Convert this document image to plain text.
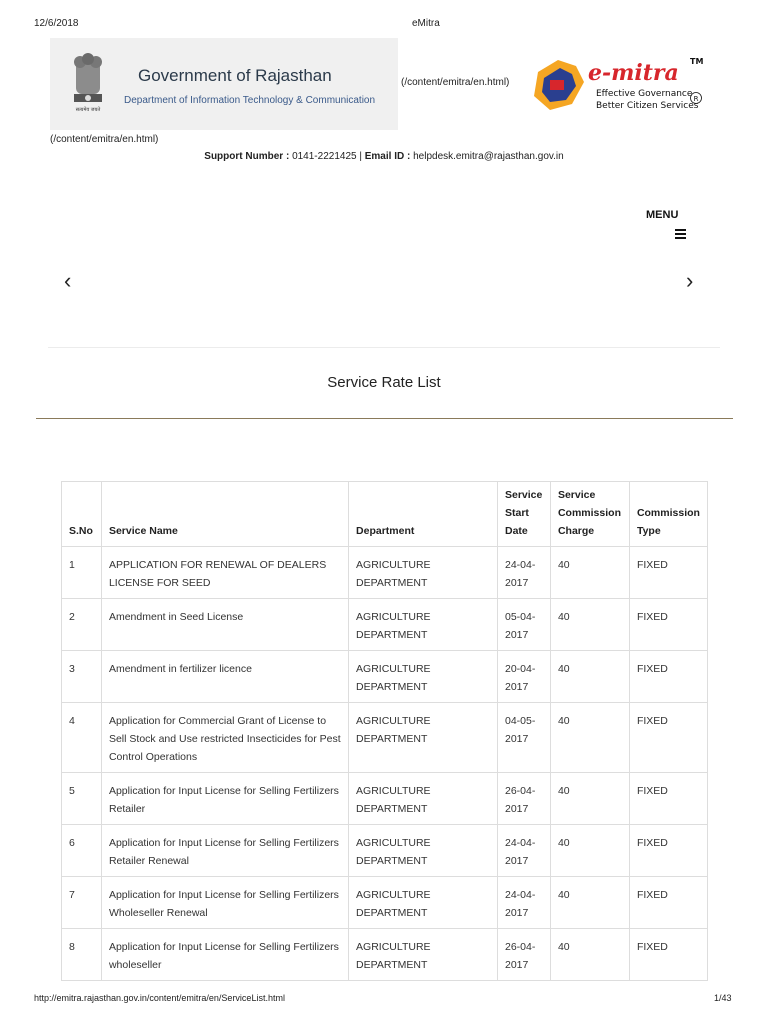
12/6/2018	eMitra
सत्यमेव जयते
Government of Rajasthan
Department of Information Technology & Communication
(/content/emitra/en.html)	e-mitra TM
Effective Governance
Better Citizen Services
R
(/content/emitra/en.html)
Support Number : 0141-2221425 | Email ID : helpdesk.emitra@rajasthan.gov.in
MENU
‹	›
Service Rate List
S.No	Service Name	Department	Service Start Date	Service Commission Charge	Commission Type
1	APPLICATION FOR RENEWAL OF DEALERS LICENSE FOR SEED	AGRICULTURE DEPARTMENT	24-04-2017	40	FIXED
2	Amendment in Seed License	AGRICULTURE DEPARTMENT	05-04-2017	40	FIXED
3	Amendment in fertilizer licence	AGRICULTURE DEPARTMENT	20-04-2017	40	FIXED
4	Application for Commercial Grant of License to Sell Stock and Use restricted Insecticides for Pest Control Operations	AGRICULTURE DEPARTMENT	04-05-2017	40	FIXED
5	Application for Input License for Selling Fertilizers Retailer	AGRICULTURE DEPARTMENT	26-04-2017	40	FIXED
6	Application for Input License for Selling Fertilizers Retailer Renewal	AGRICULTURE DEPARTMENT	24-04-2017	40	FIXED
7	Application for Input License for Selling Fertilizers Wholeseller Renewal	AGRICULTURE DEPARTMENT	24-04-2017	40	FIXED
8	Application for Input License for Selling Fertilizers wholeseller	AGRICULTURE DEPARTMENT	26-04-2017	40	FIXED
http://emitra.rajasthan.gov.in/content/emitra/en/ServiceList.html	1/43
